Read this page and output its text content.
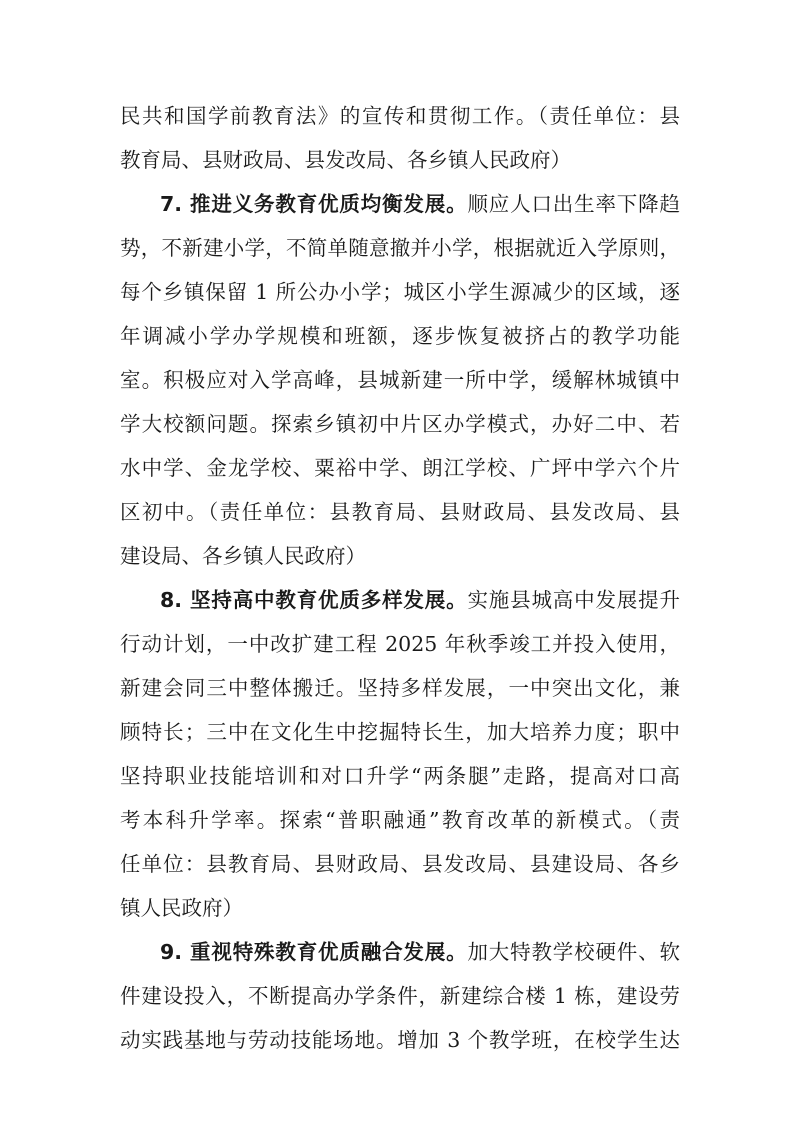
民共和国学前教育法》的宣传和贯彻工作。（责任单位：县
教育局、县财政局、县发改局、各乡镇人民政府）
7. 推进义务教育优质均衡发展。顺应人口出生率下降趋
势，不新建小学，不简单随意撤并小学，根据就近入学原则，
每个乡镇保留 1 所公办小学；城区小学生源减少的区域，逐
年调减小学办学规模和班额，逐步恢复被挤占的教学功能
室。积极应对入学高峰，县城新建一所中学，缓解林城镇中
学大校额问题。探索乡镇初中片区办学模式，办好二中、若
水中学、金龙学校、粟裕中学、朗江学校、广坪中学六个片
区初中。（责任单位：县教育局、县财政局、县发改局、县
建设局、各乡镇人民政府）
8. 坚持高中教育优质多样发展。实施县城高中发展提升
行动计划，一中改扩建工程 2025 年秋季竣工并投入使用，
新建会同三中整体搬迁。坚持多样发展，一中突出文化，兼
顾特长；三中在文化生中挖掘特长生，加大培养力度；职中
坚持职业技能培训和对口升学“两条腿”走路，提高对口高
考本科升学率。探索“普职融通”教育改革的新模式。（责
任单位：县教育局、县财政局、县发改局、县建设局、各乡
镇人民政府）
9. 重视特殊教育优质融合发展。加大特教学校硬件、软
件建设投入，不断提高办学条件，新建综合楼 1 栋，建设劳
动实践基地与劳动技能场地。增加 3 个教学班，在校学生达
